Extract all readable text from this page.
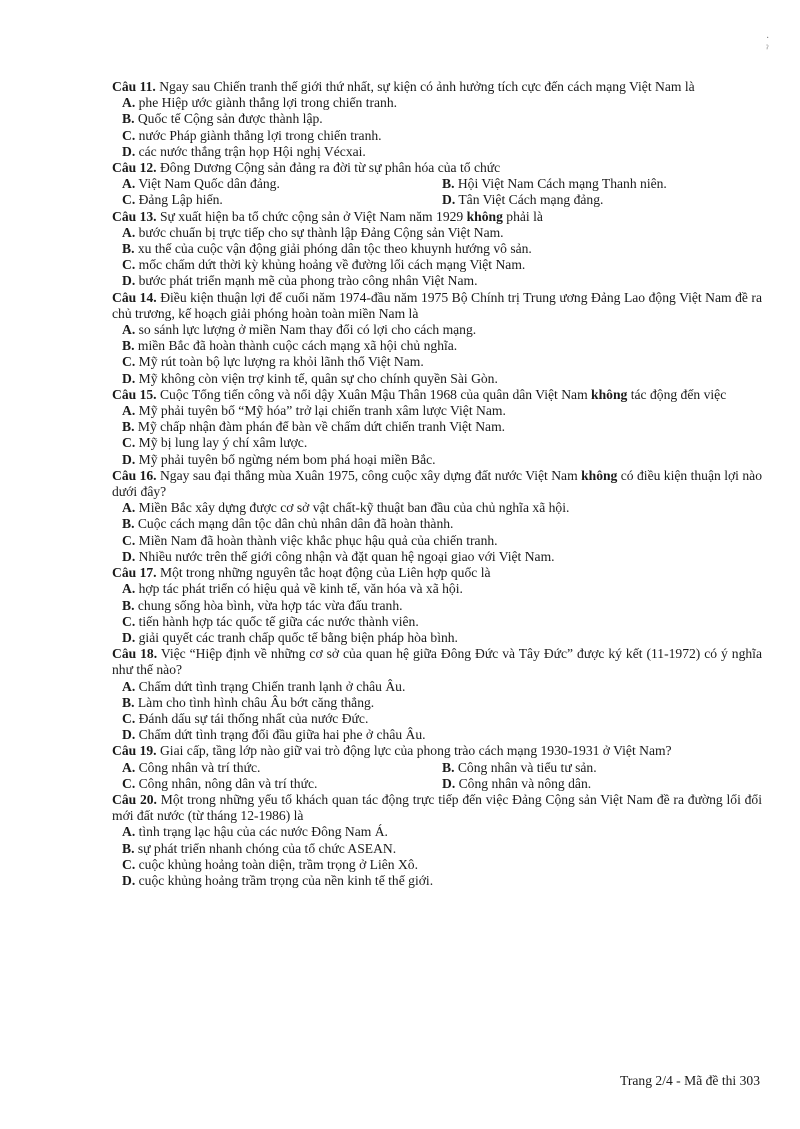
· ˀ
Câu 11. Ngay sau Chiến tranh thế giới thứ nhất, sự kiện có ảnh hưởng tích cực đến cách mạng Việt Nam là
A. phe Hiệp ước giành thắng lợi trong chiến tranh.
B. Quốc tế Cộng sản được thành lập.
C. nước Pháp giành thắng lợi trong chiến tranh.
D. các nước thắng trận họp Hội nghị Vécxai.
Câu 12. Đông Dương Cộng sản đảng ra đời từ sự phân hóa của tổ chức
A. Việt Nam Quốc dân đảng.	B. Hội Việt Nam Cách mạng Thanh niên.
C. Đảng Lập hiến.	D. Tân Việt Cách mạng đảng.
Câu 13. Sự xuất hiện ba tổ chức cộng sản ở Việt Nam năm 1929 không phải là
A. bước chuẩn bị trực tiếp cho sự thành lập Đảng Cộng sản Việt Nam.
B. xu thế của cuộc vận động giải phóng dân tộc theo khuynh hướng vô sản.
C. mốc chấm dứt thời kỳ khủng hoảng về đường lối cách mạng Việt Nam.
D. bước phát triển mạnh mẽ của phong trào công nhân Việt Nam.
Câu 14. Điều kiện thuận lợi để cuối năm 1974-đầu năm 1975 Bộ Chính trị Trung ương Đảng Lao động Việt Nam đề ra chủ trương, kế hoạch giải phóng hoàn toàn miền Nam là
A. so sánh lực lượng ở miền Nam thay đổi có lợi cho cách mạng.
B. miền Bắc đã hoàn thành cuộc cách mạng xã hội chủ nghĩa.
C. Mỹ rút toàn bộ lực lượng ra khỏi lãnh thổ Việt Nam.
D. Mỹ không còn viện trợ kinh tế, quân sự cho chính quyền Sài Gòn.
Câu 15. Cuộc Tổng tiến công và nổi dậy Xuân Mậu Thân 1968 của quân dân Việt Nam không tác động đến việc
A. Mỹ phải tuyên bố “Mỹ hóa” trở lại chiến tranh xâm lược Việt Nam.
B. Mỹ chấp nhận đàm phán để bàn về chấm dứt chiến tranh Việt Nam.
C. Mỹ bị lung lay ý chí xâm lược.
D. Mỹ phải tuyên bố ngừng ném bom phá hoại miền Bắc.
Câu 16. Ngay sau đại thắng mùa Xuân 1975, công cuộc xây dựng đất nước Việt Nam không có điều kiện thuận lợi nào dưới đây?
A. Miền Bắc xây dựng được cơ sở vật chất-kỹ thuật ban đầu của chủ nghĩa xã hội.
B. Cuộc cách mạng dân tộc dân chủ nhân dân đã hoàn thành.
C. Miền Nam đã hoàn thành việc khắc phục hậu quả của chiến tranh.
D. Nhiều nước trên thế giới công nhận và đặt quan hệ ngoại giao với Việt Nam.
Câu 17. Một trong những nguyên tắc hoạt động của Liên hợp quốc là
A. hợp tác phát triển có hiệu quả về kinh tế, văn hóa và xã hội.
B. chung sống hòa bình, vừa hợp tác vừa đấu tranh.
C. tiến hành hợp tác quốc tế giữa các nước thành viên.
D. giải quyết các tranh chấp quốc tế bằng biện pháp hòa bình.
Câu 18. Việc “Hiệp định về những cơ sở của quan hệ giữa Đông Đức và Tây Đức” được ký kết (11-1972) có ý nghĩa như thế nào?
A. Chấm dứt tình trạng Chiến tranh lạnh ở châu Âu.
B. Làm cho tình hình châu Âu bớt căng thẳng.
C. Đánh dấu sự tái thống nhất của nước Đức.
D. Chấm dứt tình trạng đối đầu giữa hai phe ở châu Âu.
Câu 19. Giai cấp, tầng lớp nào giữ vai trò động lực của phong trào cách mạng 1930-1931 ở Việt Nam?
A. Công nhân và trí thức.	B. Công nhân và tiểu tư sản.
C. Công nhân, nông dân và trí thức.	D. Công nhân và nông dân.
Câu 20. Một trong những yếu tố khách quan tác động trực tiếp đến việc Đảng Cộng sản Việt Nam đề ra đường lối đổi mới đất nước (từ tháng 12-1986) là
A. tình trạng lạc hậu của các nước Đông Nam Á.
B. sự phát triển nhanh chóng của tổ chức ASEAN.
C. cuộc khủng hoảng toàn diện, trầm trọng ở Liên Xô.
D. cuộc khủng hoảng trầm trọng của nền kinh tế thế giới.
Trang 2/4 - Mã đề thi 303
